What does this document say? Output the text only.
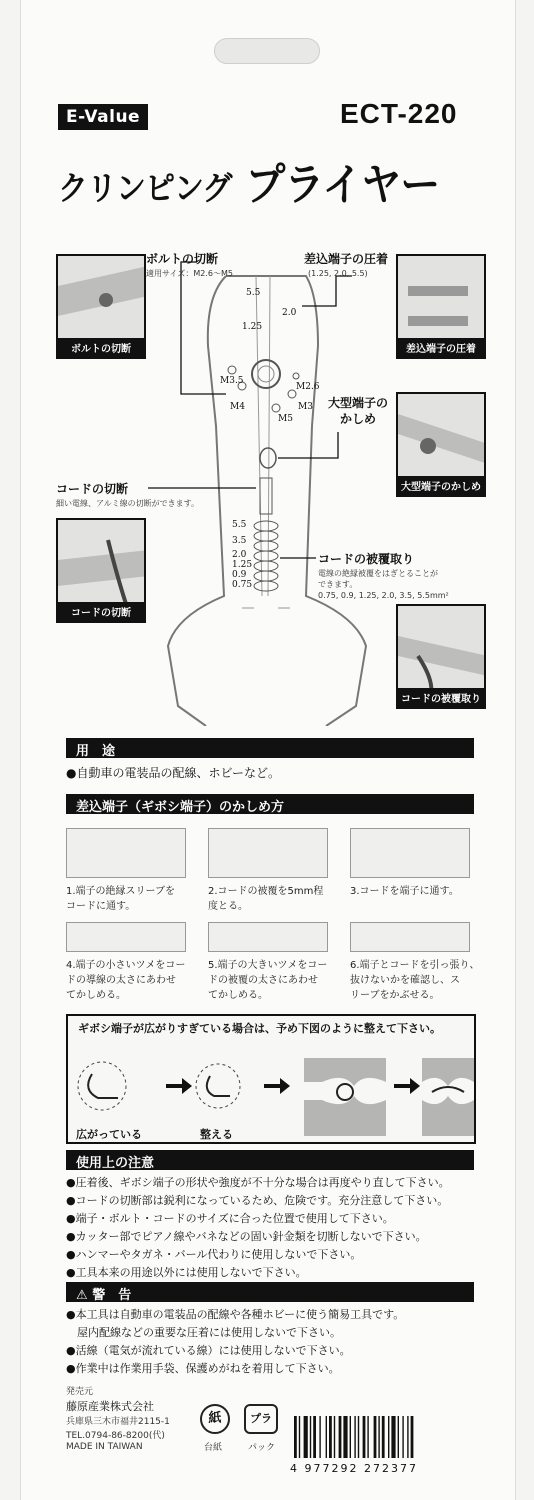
E-Value	ECT-220
クリンピング プライヤー
ボルトの切断
適用サイズ：M2.6〜M5
差込端子の圧着
(1.25, 2.0, 5.5)
大型端子の
かしめ
コードの切断
細い電線、アルミ線の切断ができます。
コードの被覆取り
電線の絶縁被覆をはぎとることが
できます。
0.75, 0.9, 1.25, 2.0, 3.5, 5.5mm²
5.5
2.0
1.25
M3.5
M4
M5
M3
M2.6
5.5
3.5
2.0
1.25
0.9
0.75
ボルトの切断	差込端子の圧着
大型端子のかしめ
コードの切断
コードの被覆取り
用　途
●自動車の電装品の配線、ホビーなど。
差込端子（ギボシ端子）のかしめ方
1.端子の絶縁スリーブを
コードに通す。
2.コードの被覆を5mm程
度とる。
3.コードを端子に通す。
4.端子の小さいツメをコー
ドの導線の太さにあわせ
てかしめる。
5.端子の大きいツメをコー
ドの被覆の太さにあわせ
てかしめる。
6.端子とコードを引っ張り、
抜けないかを確認し、ス
リーブをかぶせる。
ギボシ端子が広がりすぎている場合は、予め下図のように整えて下さい。
広がっている	整える
使用上の注意
●圧着後、ギボシ端子の形状や強度が不十分な場合は再度やり直して下さい。
●コードの切断部は鋭利になっているため、危険です。充分注意して下さい。
●端子・ボルト・コードのサイズに合った位置で使用して下さい。
●カッター部でピアノ線やバネなどの固い針金類を切断しないで下さい。
●ハンマーやタガネ・バール代わりに使用しないで下さい。
●工具本来の用途以外には使用しないで下さい。
⚠ 警　告
●本工具は自動車の電装品の配線や各種ホビーに使う簡易工具です。
　屋内配線などの重要な圧着には使用しないで下さい。
●活線（電気が流れている線）には使用しないで下さい。
●作業中は作業用手袋、保護めがねを着用して下さい。
発売元
藤原産業株式会社
兵庫県三木市福井2115-1
TEL.0794-86-8200(代)
MADE IN TAIWAN
紙
台紙
プラ
パック
4 977292 272377
